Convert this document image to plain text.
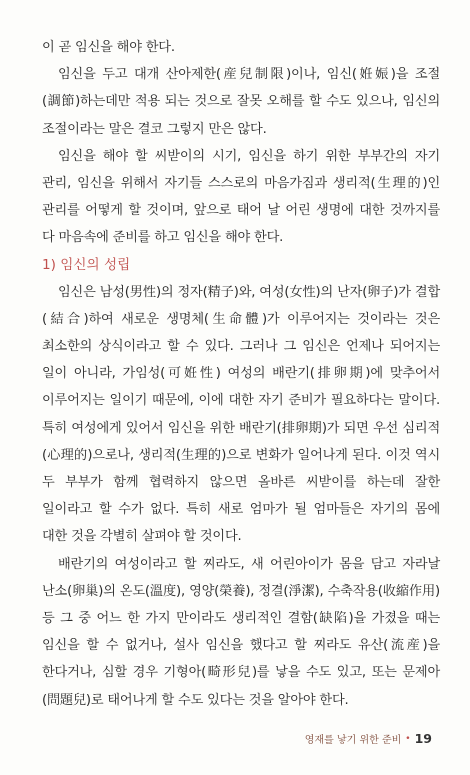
이 곧 임신을 해야 한다.

임신을 두고 대개 산아제한(産兒制限)이나, 임신(姙娠)을 조절(調節)하는데만 적용 되는 것으로 잘못 오해를 할 수도 있으나, 임신의 조절이라는 말은 결코 그렇지 만은 않다.

임신을 해야 할 씨받이의 시기, 임신을 하기 위한 부부간의 자기 관리, 임신을 위해서 자기들 스스로의 마음가짐과 생리적(生理的)인 관리를 어떻게 할 것이며, 앞으로 태어 날 어린 생명에 대한 것까지를 다 마음속에 준비를 하고 임신을 해야 한다.

1) 임신의 성립

임신은 남성(男性)의 정자(精子)와, 여성(女性)의 난자(卵子)가 결합(結合)하여 새로운 생명체(生命體)가 이루어지는 것이라는 것은 최소한의 상식이라고 할 수 있다. 그러나 그 임신은 언제나 되어지는 일이 아니라, 가임성(可姙性) 여성의 배란기(排卵期)에 맞추어서 이루어지는 일이기 때문에, 이에 대한 자기 준비가 필요하다는 말이다. 특히 여성에게 있어서 임신을 위한 배란기(排卵期)가 되면 우선 심리적(心理的)으로나, 생리적(生理的)으로 변화가 일어나게 된다. 이것 역시 두 부부가 함께 협력하지 않으면 올바른 씨받이를 하는데 잘한 일이라고 할 수가 없다. 특히 새로 엄마가 될 엄마들은 자기의 몸에 대한 것을 각별히 살펴야 할 것이다.

배란기의 여성이라고 할 찌라도, 새 어린아이가 몸을 담고 자라날 난소(卵巢)의 온도(溫度), 영양(榮養), 정결(淨潔), 수축작용(收縮作用) 등 그 중 어느 한 가지 만이라도 생리적인 결함(缺陷)을 가졌을 때는 임신을 할 수 없거나, 설사 임신을 했다고 할 찌라도 유산(流産)을 한다거나, 심할 경우 기형아(畸形兒)를 낳을 수도 있고, 또는 문제아(問題兒)로 태어나게 할 수도 있다는 것을 알아야 한다.

영재를 낳기 위한 준비 • 19
